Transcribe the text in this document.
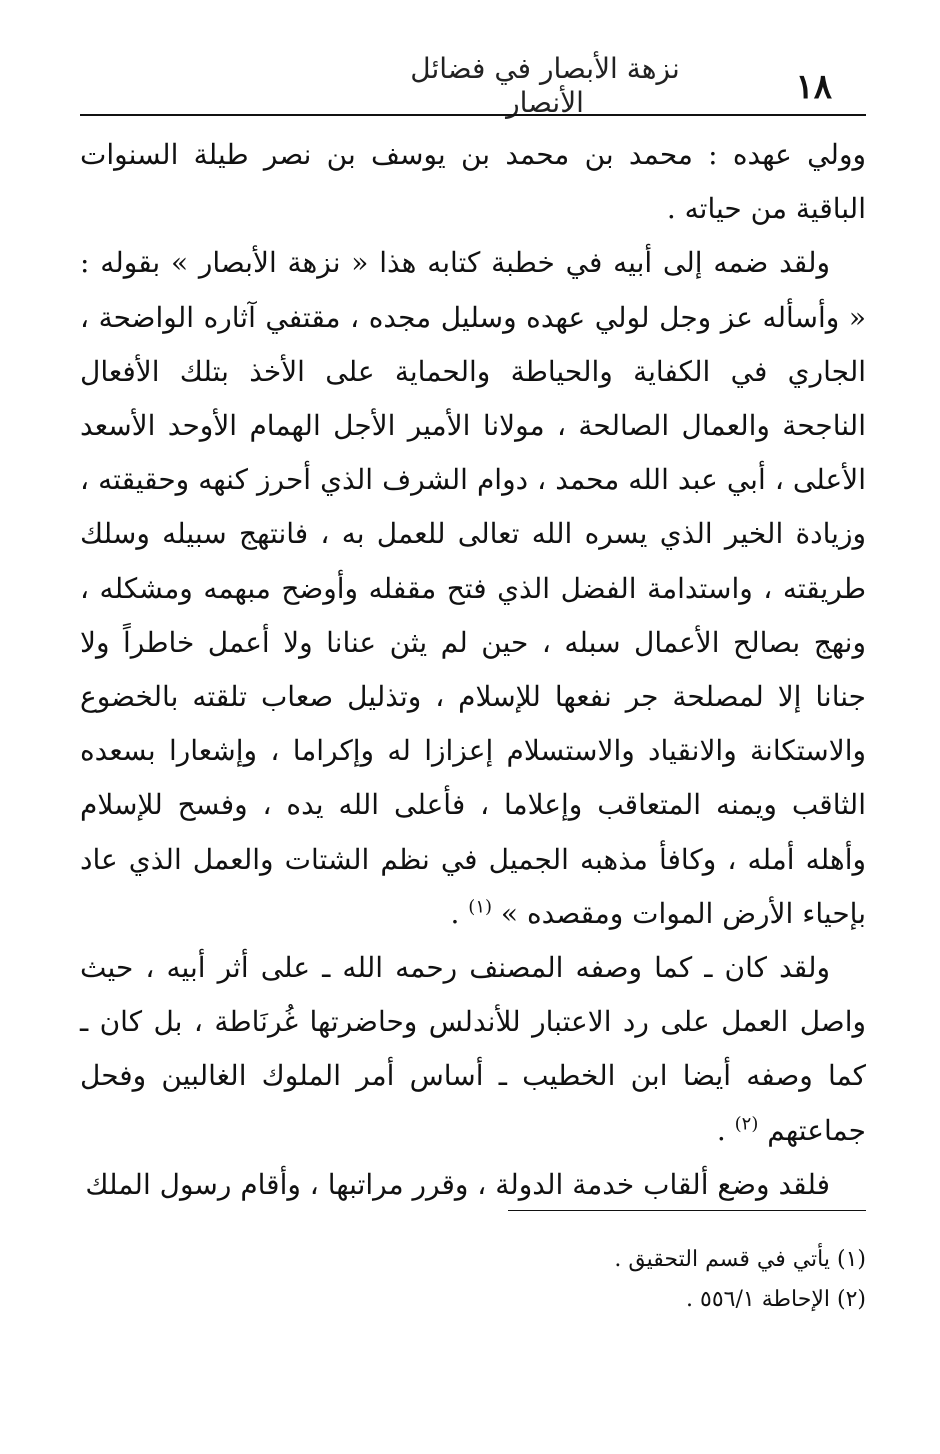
١٨
نزهة الأبصار في فضائل الأنصار

وولي عهده : محمد بن محمد بن يوسف بن نصر طيلة السنوات الباقية من حياته .

ولقد ضمه إلى أبيه في خطبة كتابه هذا « نزهة الأبصار » بقوله : « وأسأله عز وجل لولي عهده وسليل مجده ، مقتفي آثاره الواضحة ، الجاري في الكفاية والحياطة والحماية على الأخذ بتلك الأفعال الناجحة والعمال الصالحة ، مولانا الأمير الأجل الهمام الأوحد الأسعد الأعلى ، أبي عبد الله محمد ، دوام الشرف الذي أحرز كنهه وحقيقته ، وزيادة الخير الذي يسره الله تعالى للعمل به ، فانتهج سبيله وسلك طريقته ، واستدامة الفضل الذي فتح مقفله وأوضح مبهمه ومشكله ، ونهج بصالح الأعمال سبله ، حين لم يثن عنانا ولا أعمل خاطراً ولا جنانا إلا لمصلحة جر نفعها للإسلام ، وتذليل صعاب تلقته بالخضوع والاستكانة والانقياد والاستسلام إعزازا له وإكراما ، وإشعارا بسعده الثاقب ويمنه المتعاقب وإعلاما ، فأعلى الله يده ، وفسح للإسلام وأهله أمله ، وكافأ مذهبه الجميل في نظم الشتات والعمل الذي عاد بإحياء الأرض الموات ومقصده » $^{(١)}$ .

ولقد كان ـ كما وصفه المصنف رحمه الله ـ على أثر أبيه ، حيث واصل العمل على رد الاعتبار للأندلس وحاضرتها غُرنَاطة ، بل كان ـ كما وصفه أيضا ابن الخطيب ـ أساس أمر الملوك الغالبين وفحل جماعتهم $^{(٢)}$ .

فلقد وضع ألقاب خدمة الدولة ، وقرر مراتبها ، وأقام رسول الملك

(١) يأتي في قسم التحقيق .

(٢) الإحاطة ٥٥٦/١ .
